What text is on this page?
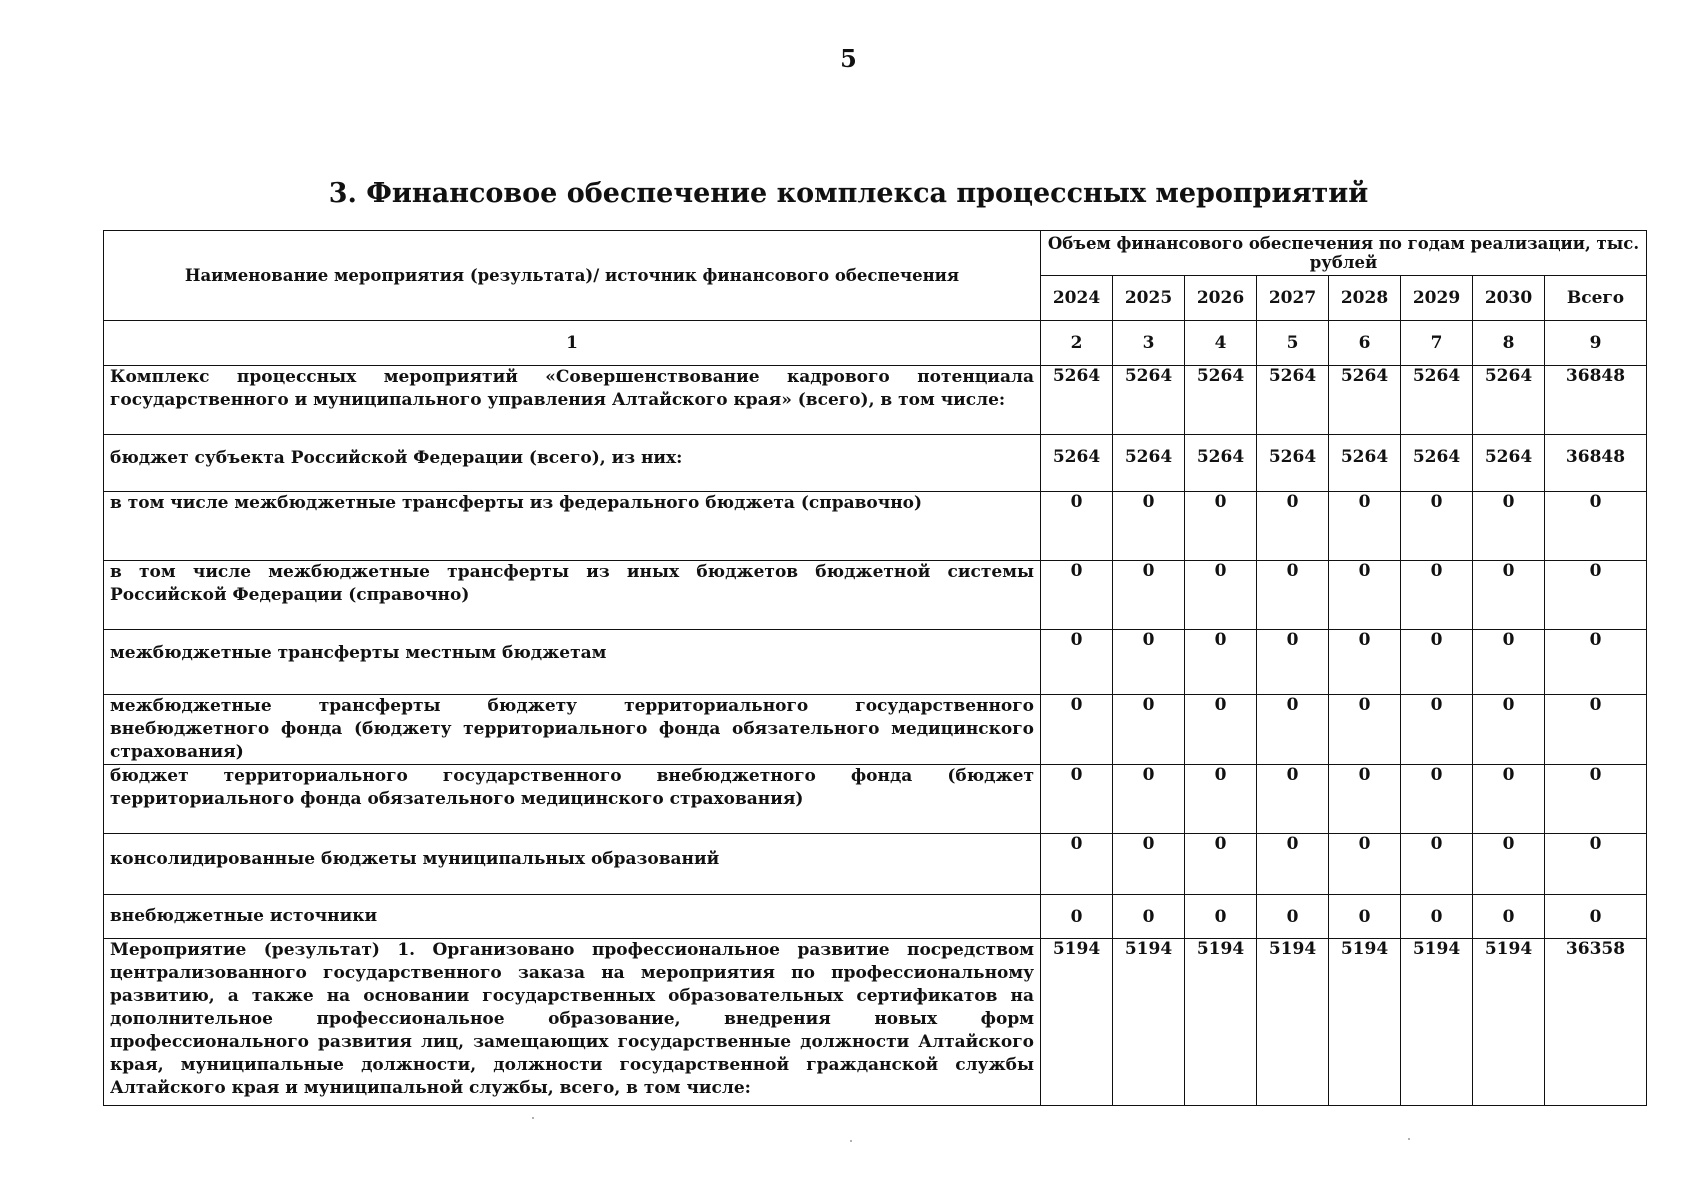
5
3. Финансовое обеспечение комплекса процессных мероприятий
Наименование мероприятия (результата)/ источник финансового обеспечения	Объем финансового обеспечения по годам реализации, тыс. рублей							
	2024	2025	2026	2027	2028	2029	2030	Всего
1	2	3	4	5	6	7	8	9
Комплекс процессных мероприятий «Совершенствование кадрового потенциала государственного и муниципального управления Алтайского края» (всего), в том числе:	5264	5264	5264	5264	5264	5264	5264	36848
бюджет субъекта Российской Федерации (всего), из них:	5264	5264	5264	5264	5264	5264	5264	36848
в том числе межбюджетные трансферты из федерального бюджета (справочно)	0	0	0	0	0	0	0	0
в том числе межбюджетные трансферты из иных бюджетов бюджетной системы Российской Федерации (справочно)	0	0	0	0	0	0	0	0
межбюджетные трансферты местным бюджетам	0	0	0	0	0	0	0	0
межбюджетные трансферты бюджету территориального государственного внебюджетного фонда (бюджету территориального фонда обязательного медицинского страхования)	0	0	0	0	0	0	0	0
бюджет территориального государственного внебюджетного фонда (бюджет территориального фонда обязательного медицинского страхования)	0	0	0	0	0	0	0	0
консолидированные бюджеты муниципальных образований	0	0	0	0	0	0	0	0
внебюджетные источники	0	0	0	0	0	0	0	0
Мероприятие (результат) 1. Организовано профессиональное развитие посредством централизованного государственного заказа на мероприятия по профессиональному развитию, а также на основании государственных образовательных сертификатов на дополнительное профессиональное образование, внедрения новых форм профессионального развития лиц, замещающих государственные должности Алтайского края, муниципальные должности, должности государственной гражданской службы Алтайского края и муниципальной службы, всего, в том числе:	5194	5194	5194	5194	5194	5194	5194	36358
